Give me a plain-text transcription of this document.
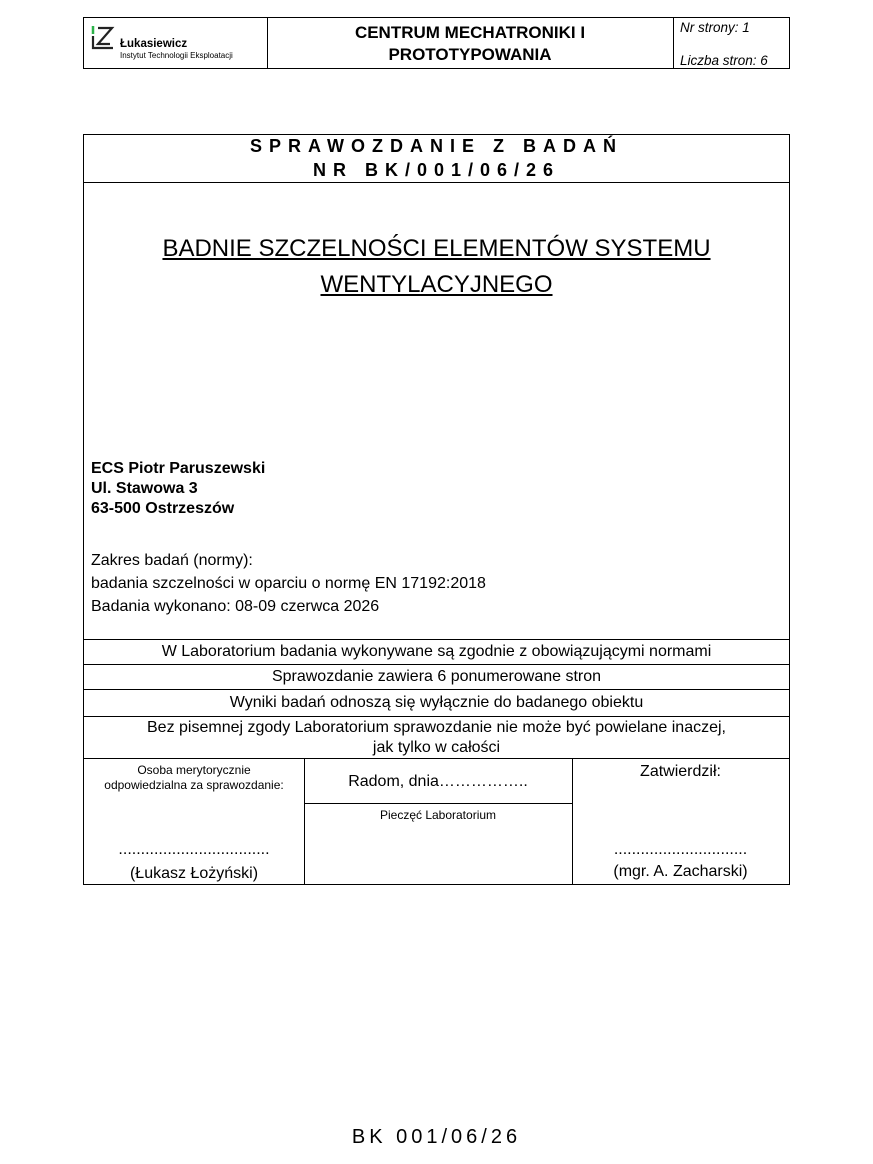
Łukasiewicz
Instytut Technologii Eksploatacji
CENTRUM MECHATRONIKI I
PROTOTYPOWANIA
Nr strony: 1
Liczba stron: 6
SPRAWOZDANIE Z BADAŃ
NR BK/001/06/26
BADNIE SZCZELNOŚCI ELEMENTÓW SYSTEMU
WENTYLACYJNEGO
ECS Piotr Paruszewski
Ul. Stawowa 3
63-500 Ostrzeszów
Zakres badań (normy):
badania szczelności w oparciu o normę EN 17192:2018
Badania wykonano: 08-09 czerwca 2026
W Laboratorium badania wykonywane są zgodnie z obowiązującymi normami
Sprawozdanie zawiera 6 ponumerowane stron
Wyniki badań odnoszą się wyłącznie do badanego obiektu
Bez pisemnej zgody Laboratorium sprawozdanie nie może być powielane inaczej,
jak tylko w całości
Osoba merytorycznie
odpowiedzialna za sprawozdanie:
..................................
(Łukasz Łożyński)
Radom, dnia……………..
Pieczęć Laboratorium
Zatwierdził:
..............................
(mgr. A. Zacharski)
BK 001/06/26
